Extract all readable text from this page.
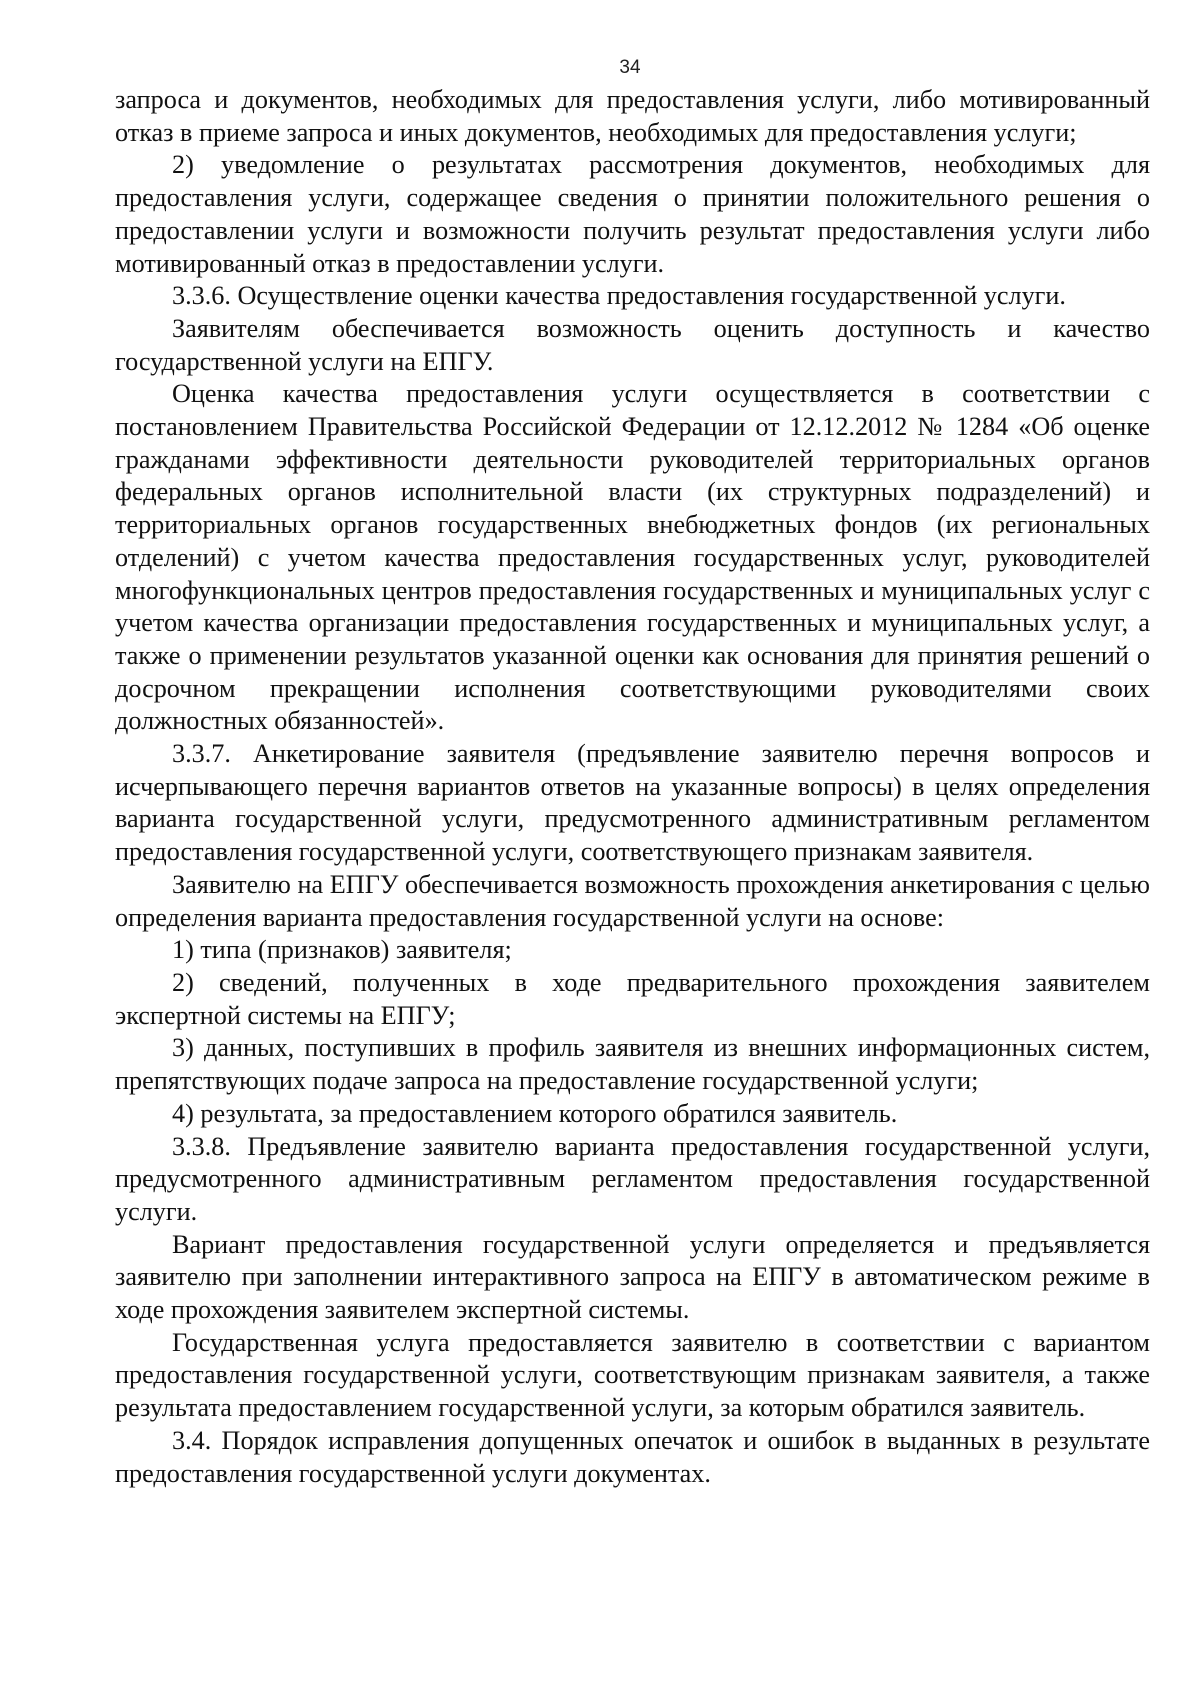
34

запроса и документов, необходимых для предоставления услуги, либо мотивированный отказ в приеме запроса и иных документов, необходимых для предоставления услуги;

2) уведомление о результатах рассмотрения документов, необходимых для предоставления услуги, содержащее сведения о принятии положительного решения о предоставлении услуги и возможности получить результат предоставления услуги либо мотивированный отказ в предоставлении услуги.

3.3.6. Осуществление оценки качества предоставления государственной услуги.

Заявителям обеспечивается возможность оценить доступность и качество государственной услуги на ЕПГУ.

Оценка качества предоставления услуги осуществляется в соответствии с постановлением Правительства Российской Федерации от 12.12.2012 № 1284 «Об оценке гражданами эффективности деятельности руководителей территориальных органов федеральных органов исполнительной власти (их структурных подразделений) и территориальных органов государственных внебюджетных фондов (их региональных отделений) с учетом качества предоставления государственных услуг, руководителей многофункциональных центров предоставления государственных и муниципальных услуг с учетом качества организации предоставления государственных и муниципальных услуг, а также о применении результатов указанной оценки как основания для принятия решений о досрочном прекращении исполнения соответствующими руководителями своих должностных обязанностей».

3.3.7. Анкетирование заявителя (предъявление заявителю перечня вопросов и исчерпывающего перечня вариантов ответов на указанные вопросы) в целях определения варианта государственной услуги, предусмотренного административным регламентом предоставления государственной услуги, соответствующего признакам заявителя.

Заявителю на ЕПГУ обеспечивается возможность прохождения анкетирования с целью определения варианта предоставления государственной услуги на основе:

1) типа (признаков) заявителя;

2) сведений, полученных в ходе предварительного прохождения заявителем экспертной системы на ЕПГУ;

3) данных, поступивших в профиль заявителя из внешних информационных систем, препятствующих подаче запроса на предоставление государственной услуги;

4) результата, за предоставлением которого обратился заявитель.

3.3.8. Предъявление заявителю варианта предоставления государственной услуги, предусмотренного административным регламентом предоставления государственной услуги.

Вариант предоставления государственной услуги определяется и предъявляется заявителю при заполнении интерактивного запроса на ЕПГУ в автоматическом режиме в ходе прохождения заявителем экспертной системы.

Государственная услуга предоставляется заявителю в соответствии с вариантом предоставления государственной услуги, соответствующим признакам заявителя, а также результата предоставлением государственной услуги, за которым обратился заявитель.

3.4. Порядок исправления допущенных опечаток и ошибок в выданных в результате предоставления государственной услуги документах.
